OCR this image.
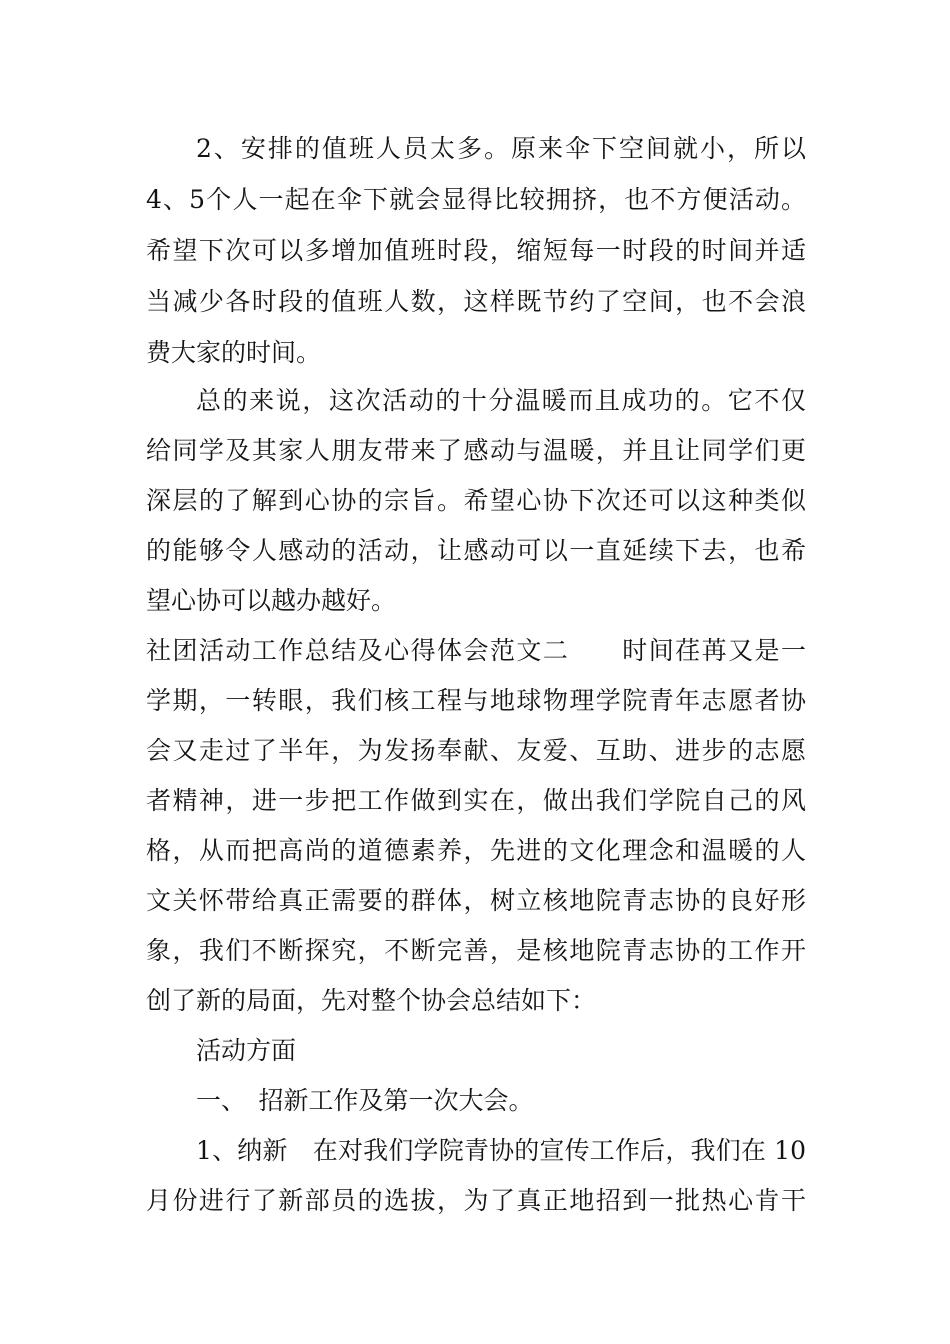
2、安排的值班人员太多。原来伞下空间就小，所以
4、5个人一起在伞下就会显得比较拥挤，也不方便活动。
希望下次可以多增加值班时段，缩短每一时段的时间并适
当减少各时段的值班人数，这样既节约了空间，也不会浪
费大家的时间。
总的来说，这次活动的十分温暖而且成功的。它不仅
给同学及其家人朋友带来了感动与温暖，并且让同学们更
深层的了解到心协的宗旨。希望心协下次还可以这种类似
的能够令人感动的活动，让感动可以一直延续下去，也希
望心协可以越办越好。
社团活动工作总结及心得体会范文二　　时间荏苒又是一
学期，一转眼，我们核工程与地球物理学院青年志愿者协
会又走过了半年，为发扬奉献、友爱、互助、进步的志愿
者精神，进一步把工作做到实在，做出我们学院自己的风
格，从而把高尚的道德素养，先进的文化理念和温暖的人
文关怀带给真正需要的群体，树立核地院青志协的良好形
象，我们不断探究，不断完善，是核地院青志协的工作开
创了新的局面，先对整个协会总结如下：
活动方面
一、　招新工作及第一次大会。
1、纳新　在对我们学院青协的宣传工作后，我们在 10
月份进行了新部员的选拔，为了真正地招到一批热心肯干
